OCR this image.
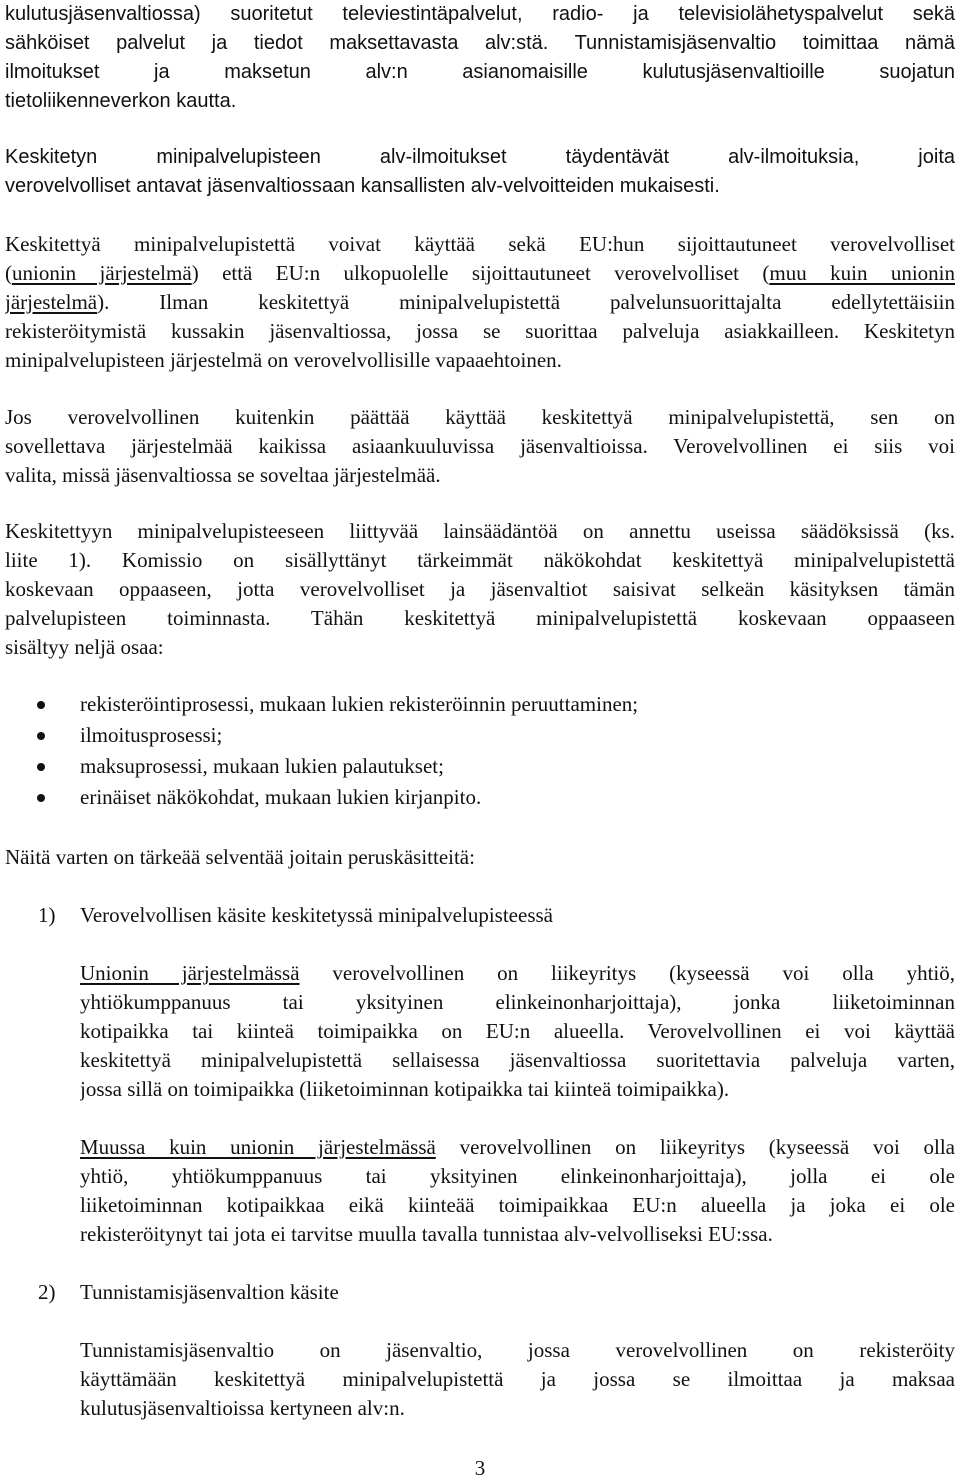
kulutusjäsenvaltiossa) suoritetut televiestintäpalvelut, radio- ja televisiolähetyspalvelut sekä
sähköiset palvelut ja tiedot maksettavasta alv:stä. Tunnistamisjäsenvaltio toimittaa nämä
ilmoitukset ja maksetun alv:n asianomaisille kulutusjäsenvaltioille suojatun
tietoliikenneverkon kautta.
Keskitetyn minipalvelupisteen alv-ilmoitukset täydentävät alv-ilmoituksia, joita
verovelvolliset antavat jäsenvaltiossaan kansallisten alv-velvoitteiden mukaisesti.
Keskitettyä minipalvelupistettä voivat käyttää sekä EU:hun sijoittautuneet verovelvolliset
(unionin järjestelmä) että EU:n ulkopuolelle sijoittautuneet verovelvolliset (muu kuin unionin
järjestelmä). Ilman keskitettyä minipalvelupistettä palvelunsuorittajalta edellytettäisiin
rekisteröitymistä kussakin jäsenvaltiossa, jossa se suorittaa palveluja asiakkailleen. Keskitetyn
minipalvelupisteen järjestelmä on verovelvollisille vapaaehtoinen.
Jos verovelvollinen kuitenkin päättää käyttää keskitettyä minipalvelupistettä, sen on
sovellettava järjestelmää kaikissa asiaankuuluvissa jäsenvaltioissa. Verovelvollinen ei siis voi
valita, missä jäsenvaltiossa se soveltaa järjestelmää.
Keskitettyyn minipalvelupisteeseen liittyvää lainsäädäntöä on annettu useissa säädöksissä (ks.
liite 1). Komissio on sisällyttänyt tärkeimmät näkökohdat keskitettyä minipalvelupistettä
koskevaan oppaaseen, jotta verovelvolliset ja jäsenvaltiot saisivat selkeän käsityksen tämän
palvelupisteen toiminnasta. Tähän keskitettyä minipalvelupistettä koskevaan oppaaseen
sisältyy neljä osaa:
rekisteröintiprosessi, mukaan lukien rekisteröinnin peruuttaminen;
ilmoitusprosessi;
maksuprosessi, mukaan lukien palautukset;
erinäiset näkökohdat, mukaan lukien kirjanpito.
Näitä varten on tärkeää selventää joitain peruskäsitteitä:
1) Verovelvollisen käsite keskitetyssä minipalvelupisteessä
Unionin järjestelmässä verovelvollinen on liikeyritys (kyseessä voi olla yhtiö,
yhtiökumppanuus tai yksityinen elinkeinonharjoittaja), jonka liiketoiminnan
kotipaikka tai kiinteä toimipaikka on EU:n alueella. Verovelvollinen ei voi käyttää
keskitettyä minipalvelupistettä sellaisessa jäsenvaltiossa suoritettavia palveluja varten,
jossa sillä on toimipaikka (liiketoiminnan kotipaikka tai kiinteä toimipaikka).
Muussa kuin unionin järjestelmässä verovelvollinen on liikeyritys (kyseessä voi olla
yhtiö, yhtiökumppanuus tai yksityinen elinkeinonharjoittaja), jolla ei ole
liiketoiminnan kotipaikkaa eikä kiinteää toimipaikkaa EU:n alueella ja joka ei ole
rekisteröitynyt tai jota ei tarvitse muulla tavalla tunnistaa alv-velvolliseksi EU:ssa.
2) Tunnistamisjäsenvaltion käsite
Tunnistamisjäsenvaltio on jäsenvaltio, jossa verovelvollinen on rekisteröity
käyttämään keskitettyä minipalvelupistettä ja jossa se ilmoittaa ja maksaa
kulutusjäsenvaltioissa kertyneen alv:n.
3
